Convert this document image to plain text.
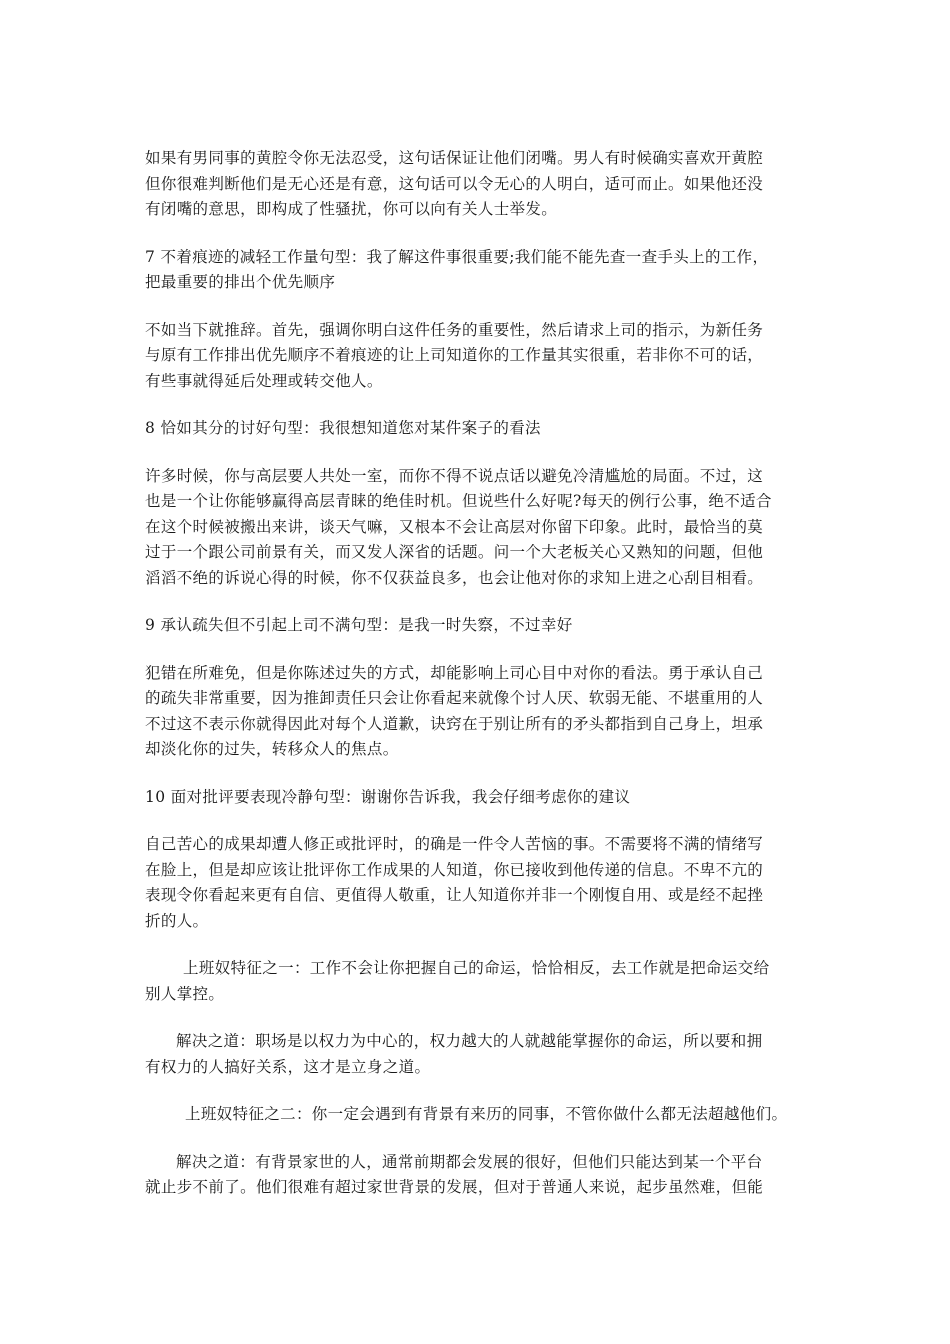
如果有男同事的黄腔令你无法忍受，这句话保证让他们闭嘴。男人有时候确实喜欢开黄腔
但你很难判断他们是无心还是有意，这句话可以令无心的人明白，适可而止。如果他还没
有闭嘴的意思，即构成了性骚扰，你可以向有关人士举发。

7 不着痕迹的减轻工作量句型：我了解这件事很重要;我们能不能先查一查手头上的工作，
把最重要的排出个优先顺序

不如当下就推辞。首先，强调你明白这件任务的重要性，然后请求上司的指示，为新任务
与原有工作排出优先顺序不着痕迹的让上司知道你的工作量其实很重，若非你不可的话，
有些事就得延后处理或转交他人。

8 恰如其分的讨好句型：我很想知道您对某件案子的看法

许多时候，你与高层要人共处一室，而你不得不说点话以避免冷清尴尬的局面。不过，这
也是一个让你能够赢得高层青睐的绝佳时机。但说些什么好呢?每天的例行公事，绝不适合
在这个时候被搬出来讲，谈天气嘛，又根本不会让高层对你留下印象。此时，最恰当的莫
过于一个跟公司前景有关，而又发人深省的话题。问一个大老板关心又熟知的问题，但他
滔滔不绝的诉说心得的时候，你不仅获益良多，也会让他对你的求知上进之心刮目相看。

9 承认疏失但不引起上司不满句型：是我一时失察，不过幸好

犯错在所难免，但是你陈述过失的方式，却能影响上司心目中对你的看法。勇于承认自己
的疏失非常重要，因为推卸责任只会让你看起来就像个讨人厌、软弱无能、不堪重用的人
不过这不表示你就得因此对每个人道歉，诀窍在于别让所有的矛头都指到自己身上，坦承
却淡化你的过失，转移众人的焦点。

10 面对批评要表现冷静句型：谢谢你告诉我，我会仔细考虑你的建议

自己苦心的成果却遭人修正或批评时，的确是一件令人苦恼的事。不需要将不满的情绪写
在脸上，但是却应该让批评你工作成果的人知道，你已接收到他传递的信息。不卑不亢的
表现令你看起来更有自信、更值得人敬重，让人知道你并非一个刚愎自用、或是经不起挫
折的人。

上班奴特征之一：工作不会让你把握自己的命运，恰恰相反，去工作就是把命运交给
别人掌控。

解决之道：职场是以权力为中心的，权力越大的人就越能掌握你的命运，所以要和拥
有权力的人搞好关系，这才是立身之道。

上班奴特征之二：你一定会遇到有背景有来历的同事，不管你做什么都无法超越他们。

解决之道：有背景家世的人，通常前期都会发展的很好，但他们只能达到某一个平台
就止步不前了。他们很难有超过家世背景的发展，但对于普通人来说，起步虽然难，但能
